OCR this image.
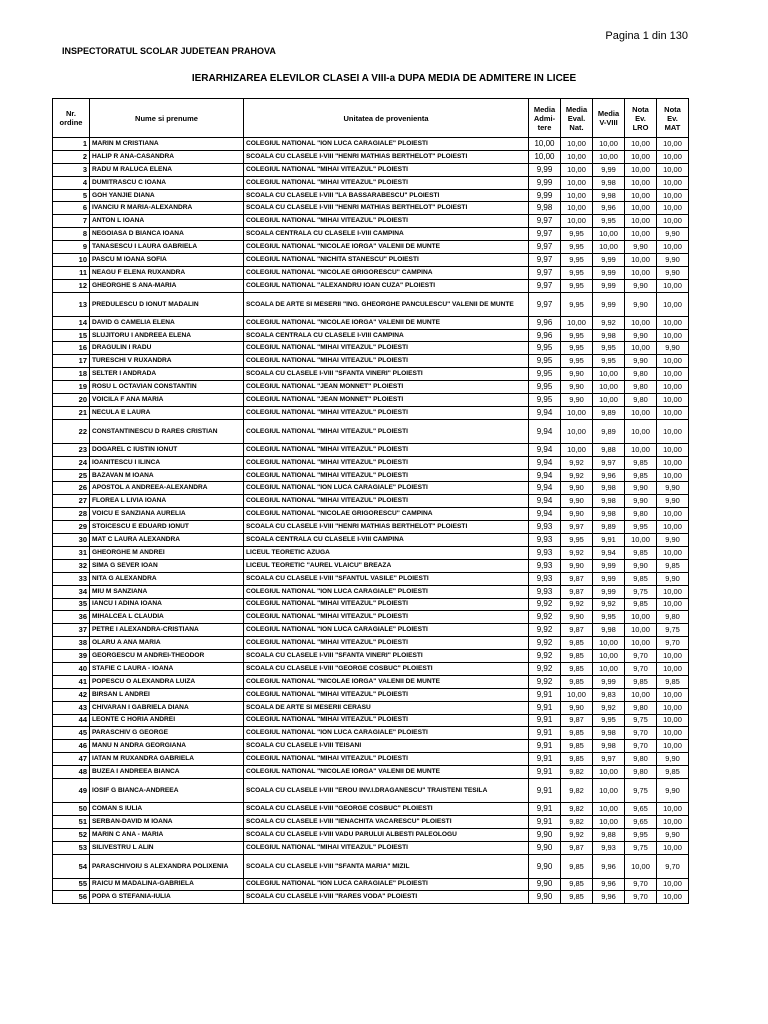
Pagina 1 din 130
INSPECTORATUL SCOLAR JUDETEAN PRAHOVA
IERARHIZAREA ELEVILOR CLASEI A VIII-a DUPA MEDIA DE ADMITERE IN LICEE
Nr. ordine	Nume si prenume	Unitatea de provenienta	Media Admi-tere	Media Eval. Nat.	Media V-VIII	Nota Ev. LRO	Nota Ev. MAT
1	MARIN M CRISTIANA	COLEGIUL NATIONAL "ION LUCA CARAGIALE" PLOIESTI	10,00	10,00	10,00	10,00	10,00
2	HALIP R ANA-CASANDRA	SCOALA CU CLASELE I-VIII "HENRI MATHIAS BERTHELOT" PLOIESTI	10,00	10,00	10,00	10,00	10,00
3	RADU M RALUCA ELENA	COLEGIUL NATIONAL "MIHAI VITEAZUL" PLOIESTI	9,99	10,00	9,99	10,00	10,00
4	DUMITRASCU C IOANA	COLEGIUL NATIONAL "MIHAI VITEAZUL" PLOIESTI	9,99	10,00	9,98	10,00	10,00
5	GOH YANJIE DIANA	SCOALA CU CLASELE I-VIII "LA BASSARABESCU" PLOIESTI	9,99	10,00	9,98	10,00	10,00
6	IVANCIU R MARIA-ALEXANDRA	SCOALA CU CLASELE I-VIII "HENRI MATHIAS BERTHELOT" PLOIESTI	9,98	10,00	9,96	10,00	10,00
7	ANTON L IOANA	COLEGIUL NATIONAL "MIHAI VITEAZUL" PLOIESTI	9,97	10,00	9,95	10,00	10,00
8	NEGOIASA D BIANCA IOANA	SCOALA CENTRALA CU CLASELE I-VIII CAMPINA	9,97	9,95	10,00	10,00	9,90
9	TANASESCU I LAURA GABRIELA	COLEGIUL NATIONAL "NICOLAE IORGA" VALENII DE MUNTE	9,97	9,95	10,00	9,90	10,00
10	PASCU M IOANA SOFIA	COLEGIUL NATIONAL "NICHITA STANESCU" PLOIESTI	9,97	9,95	9,99	10,00	9,90
11	NEAGU F ELENA RUXANDRA	COLEGIUL NATIONAL "NICOLAE GRIGORESCU" CAMPINA	9,97	9,95	9,99	10,00	9,90
12	GHEORGHE S ANA-MARIA	COLEGIUL NATIONAL "ALEXANDRU IOAN CUZA" PLOIESTI	9,97	9,95	9,99	9,90	10,00
13	PREDULESCU D IONUT MADALIN	SCOALA DE ARTE SI MESERII "ING. GHEORGHE PANCULESCU" VALENII DE MUNTE	9,97	9,95	9,99	9,90	10,00
14	DAVID G CAMELIA ELENA	COLEGIUL NATIONAL "NICOLAE IORGA" VALENII DE MUNTE	9,96	10,00	9,92	10,00	10,00
15	SLUJITORU I ANDREEA ELENA	SCOALA CENTRALA CU CLASELE I-VIII CAMPINA	9,96	9,95	9,98	9,90	10,00
16	DRAGULIN I RADU	COLEGIUL NATIONAL "MIHAI VITEAZUL" PLOIESTI	9,95	9,95	9,95	10,00	9,90
17	TURESCHI V RUXANDRA	COLEGIUL NATIONAL "MIHAI VITEAZUL" PLOIESTI	9,95	9,95	9,95	9,90	10,00
18	SELTER I ANDRADA	SCOALA CU CLASELE I-VIII "SFANTA VINERI" PLOIESTI	9,95	9,90	10,00	9,80	10,00
19	ROSU L OCTAVIAN CONSTANTIN	COLEGIUL NATIONAL "JEAN MONNET" PLOIESTI	9,95	9,90	10,00	9,80	10,00
20	VOICILA F ANA MARIA	COLEGIUL NATIONAL "JEAN MONNET" PLOIESTI	9,95	9,90	10,00	9,80	10,00
21	NECULA E LAURA	COLEGIUL NATIONAL "MIHAI VITEAZUL" PLOIESTI	9,94	10,00	9,89	10,00	10,00
22	CONSTANTINESCU D RARES CRISTIAN	COLEGIUL NATIONAL "MIHAI VITEAZUL" PLOIESTI	9,94	10,00	9,89	10,00	10,00
23	DOGAREL C IUSTIN IONUT	COLEGIUL NATIONAL "MIHAI VITEAZUL" PLOIESTI	9,94	10,00	9,88	10,00	10,00
24	IOANITESCU I ILINCA	COLEGIUL NATIONAL "MIHAI VITEAZUL" PLOIESTI	9,94	9,92	9,97	9,85	10,00
25	BAZAVAN M IOANA	COLEGIUL NATIONAL "MIHAI VITEAZUL" PLOIESTI	9,94	9,92	9,96	9,85	10,00
26	APOSTOL A ANDREEA-ALEXANDRA	COLEGIUL NATIONAL "ION LUCA CARAGIALE" PLOIESTI	9,94	9,90	9,98	9,90	9,90
27	FLOREA L LIVIA IOANA	COLEGIUL NATIONAL "MIHAI VITEAZUL" PLOIESTI	9,94	9,90	9,98	9,90	9,90
28	VOICU E SANZIANA AURELIA	COLEGIUL NATIONAL "NICOLAE GRIGORESCU" CAMPINA	9,94	9,90	9,98	9,80	10,00
29	STOICESCU E EDUARD IONUT	SCOALA CU CLASELE I-VIII "HENRI MATHIAS BERTHELOT" PLOIESTI	9,93	9,97	9,89	9,95	10,00
30	MAT C LAURA ALEXANDRA	SCOALA CENTRALA CU CLASELE I-VIII CAMPINA	9,93	9,95	9,91	10,00	9,90
31	GHEORGHE M ANDREI	LICEUL TEORETIC AZUGA	9,93	9,92	9,94	9,85	10,00
32	SIMA G SEVER IOAN	LICEUL TEORETIC "AUREL VLAICU" BREAZA	9,93	9,90	9,99	9,90	9,85
33	NITA G ALEXANDRA	SCOALA CU CLASELE I-VIII "SFANTUL VASILE" PLOIESTI	9,93	9,87	9,99	9,85	9,90
34	MIU M SANZIANA	COLEGIUL NATIONAL "ION LUCA CARAGIALE" PLOIESTI	9,93	9,87	9,99	9,75	10,00
35	IANCU I ADINA IOANA	COLEGIUL NATIONAL "MIHAI VITEAZUL" PLOIESTI	9,92	9,92	9,92	9,85	10,00
36	MIHALCEA L CLAUDIA	COLEGIUL NATIONAL "MIHAI VITEAZUL" PLOIESTI	9,92	9,90	9,95	10,00	9,80
37	PETRE I ALEXANDRA-CRISTIANA	COLEGIUL NATIONAL "ION LUCA CARAGIALE" PLOIESTI	9,92	9,87	9,98	10,00	9,75
38	OLARU A ANA MARIA	COLEGIUL NATIONAL "MIHAI VITEAZUL" PLOIESTI	9,92	9,85	10,00	10,00	9,70
39	GEORGESCU M ANDREI-THEODOR	SCOALA CU CLASELE I-VIII "SFANTA VINERI" PLOIESTI	9,92	9,85	10,00	9,70	10,00
40	STAFIE C LAURA - IOANA	SCOALA CU CLASELE I-VIII "GEORGE COSBUC" PLOIESTI	9,92	9,85	10,00	9,70	10,00
41	POPESCU O ALEXANDRA LUIZA	COLEGIUL NATIONAL "NICOLAE IORGA" VALENII DE MUNTE	9,92	9,85	9,99	9,85	9,85
42	BIRSAN L ANDREI	COLEGIUL NATIONAL "MIHAI VITEAZUL" PLOIESTI	9,91	10,00	9,83	10,00	10,00
43	CHIVARAN I GABRIELA DIANA	SCOALA DE ARTE SI MESERII CERASU	9,91	9,90	9,92	9,80	10,00
44	LEONTE C HORIA ANDREI	COLEGIUL NATIONAL "MIHAI VITEAZUL" PLOIESTI	9,91	9,87	9,95	9,75	10,00
45	PARASCHIV G GEORGE	COLEGIUL NATIONAL "ION LUCA CARAGIALE" PLOIESTI	9,91	9,85	9,98	9,70	10,00
46	MANU N ANDRA GEORGIANA	SCOALA CU CLASELE I-VIII TEISANI	9,91	9,85	9,98	9,70	10,00
47	IATAN M RUXANDRA GABRIELA	COLEGIUL NATIONAL "MIHAI VITEAZUL" PLOIESTI	9,91	9,85	9,97	9,80	9,90
48	BUZEA I ANDREEA BIANCA	COLEGIUL NATIONAL "NICOLAE IORGA" VALENII DE MUNTE	9,91	9,82	10,00	9,80	9,85
49	IOSIF G BIANCA-ANDREEA	SCOALA CU CLASELE I-VIII "EROU INV.I.DRAGANESCU" TRAISTENI TESILA	9,91	9,82	10,00	9,75	9,90
50	COMAN S IULIA	SCOALA CU CLASELE I-VIII "GEORGE COSBUC" PLOIESTI	9,91	9,82	10,00	9,65	10,00
51	SERBAN-DAVID M IOANA	SCOALA CU CLASELE I-VIII "IENACHITA VACARESCU" PLOIESTI	9,91	9,82	10,00	9,65	10,00
52	MARIN C ANA - MARIA	SCOALA CU CLASELE I-VIII VADU PARULUI ALBESTI PALEOLOGU	9,90	9,92	9,88	9,95	9,90
53	SILIVESTRU L ALIN	COLEGIUL NATIONAL "MIHAI VITEAZUL" PLOIESTI	9,90	9,87	9,93	9,75	10,00
54	PARASCHIVOIU S ALEXANDRA POLIXENIA	SCOALA CU CLASELE I-VIII "SFANTA MARIA" MIZIL	9,90	9,85	9,96	10,00	9,70
55	RAICU M MADALINA-GABRIELA	COLEGIUL NATIONAL "ION LUCA CARAGIALE" PLOIESTI	9,90	9,85	9,96	9,70	10,00
56	POPA G STEFANIA-IULIA	SCOALA CU CLASELE I-VIII "RARES VODA" PLOIESTI	9,90	9,85	9,96	9,70	10,00
